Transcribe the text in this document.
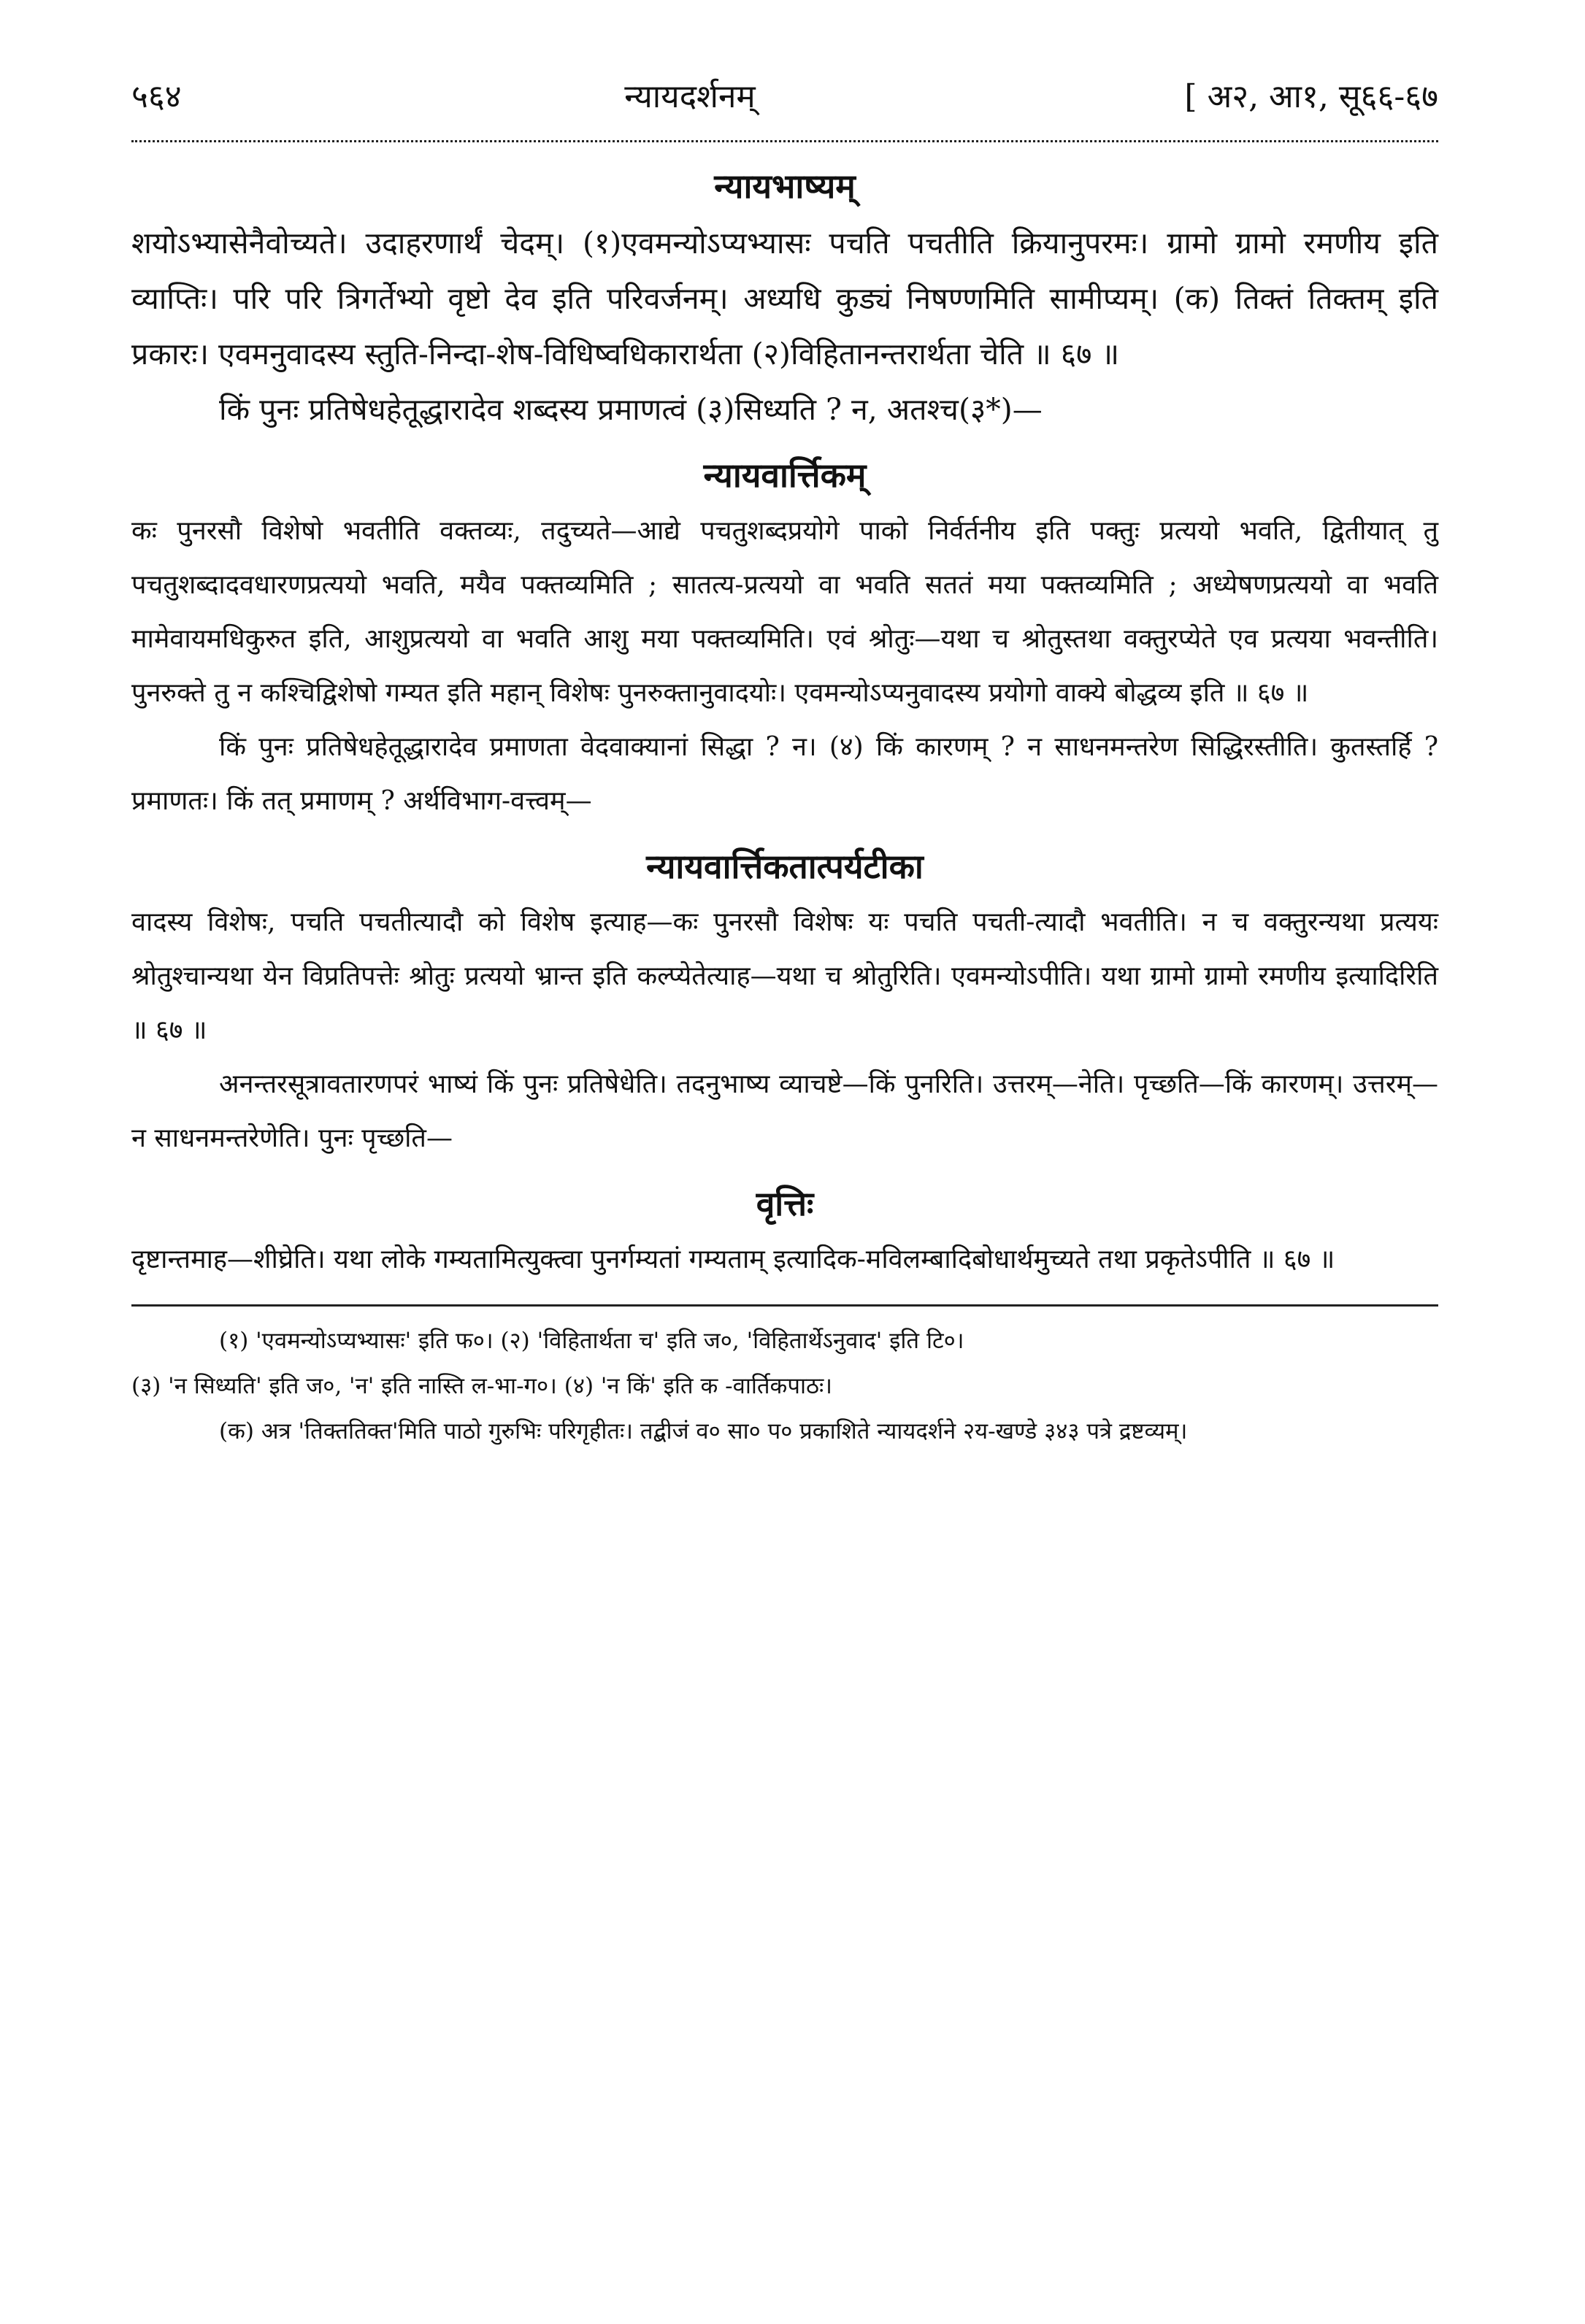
५६४	न्यायदर्शनम्	[ अ२, आ१, सू६६-६७
न्यायभाष्यम्

शयोऽभ्यासेनैवोच्यते। उदाहरणार्थं चेदम्। (१)एवमन्योऽप्यभ्यासः पचति पचतीति क्रियानुपरमः। ग्रामो ग्रामो रमणीय इति व्याप्तिः। परि परि त्रिगर्तेभ्यो वृष्टो देव इति परिवर्जनम्। अध्यधि कुड्यं निषण्णमिति सामीप्यम्। (क) तिक्तं तिक्तम् इति प्रकारः। एवमनुवादस्य स्तुति-निन्दा-शेष-विधिष्वधिकारार्थता (२)विहितानन्तरार्थता चेति ॥ ६७ ॥

किं पुनः प्रतिषेधहेतूद्धारादेव शब्दस्य प्रमाणत्वं (३)सिध्यति ? न, अतश्च(३*)—

न्यायवार्त्तिकम्

कः पुनरसौ विशेषो भवतीति वक्तव्यः, तदुच्यते—आद्ये पचतुशब्दप्रयोगे पाको निर्वर्तनीय इति पक्तुः प्रत्ययो भवति, द्वितीयात् तु पचतुशब्दादवधारणप्रत्ययो भवति, मयैव पक्तव्यमिति ; सातत्य-प्रत्ययो वा भवति सततं मया पक्तव्यमिति ; अध्येषणप्रत्ययो वा भवति मामेवायमधिकुरुत इति, आशुप्रत्ययो वा भवति आशु मया पक्तव्यमिति। एवं श्रोतुः—यथा च श्रोतुस्तथा वक्तुरप्येते एव प्रत्यया भवन्तीति। पुनरुक्ते तु न कश्चिद्विशेषो गम्यत इति महान् विशेषः पुनरुक्तानुवादयोः। एवमन्योऽप्यनुवादस्य प्रयोगो वाक्ये बोद्धव्य इति ॥ ६७ ॥

किं पुनः प्रतिषेधहेतूद्धारादेव प्रमाणता वेदवाक्यानां सिद्धा ? न। (४) किं कारणम् ? न साधनमन्तरेण सिद्धिरस्तीति। कुतस्तर्हि ? प्रमाणतः। किं तत् प्रमाणम् ? अर्थविभाग-वत्त्वम्—

न्यायवार्त्तिकतात्पर्यटीका

वादस्य विशेषः, पचति पचतीत्यादौ को विशेष इत्याह—कः पुनरसौ विशेषः यः पचति पचती-त्यादौ भवतीति। न च वक्तुरन्यथा प्रत्ययः श्रोतुश्चान्यथा येन विप्रतिपत्तेः श्रोतुः प्रत्ययो भ्रान्त इति कल्प्येतेत्याह—यथा च श्रोतुरिति। एवमन्योऽपीति। यथा ग्रामो ग्रामो रमणीय इत्यादिरिति ॥ ६७ ॥

अनन्तरसूत्रावतारणपरं भाष्यं किं पुनः प्रतिषेधेति। तदनुभाष्य व्याचष्टे—किं पुनरिति। उत्तरम्—नेति। पृच्छति—किं कारणम्। उत्तरम्—न साधनमन्तरेणेति। पुनः पृच्छति—

वृत्तिः

दृष्टान्तमाह—शीघ्रेति। यथा लोके गम्यतामित्युक्त्वा पुनर्गम्यतां गम्यताम् इत्यादिक-मविलम्बादिबोधार्थमुच्यते तथा प्रकृतेऽपीति ॥ ६७ ॥

(१) 'एवमन्योऽप्यभ्यासः' इति फ०। (२) 'विहितार्थता च' इति ज०, 'विहितार्थेऽनुवाद' इति टि०।

(३) 'न सिध्यति' इति ज०, 'न' इति नास्ति ल-भा-ग०। (४) 'न किं' इति क -वार्तिकपाठः।

(क) अत्र 'तिक्ततिक्त'मिति पाठो गुरुभिः परिगृहीतः। तद्बीजं व० सा० प० प्रकाशिते न्यायदर्शने २य-खण्डे ३४३ पत्रे द्रष्टव्यम्।
